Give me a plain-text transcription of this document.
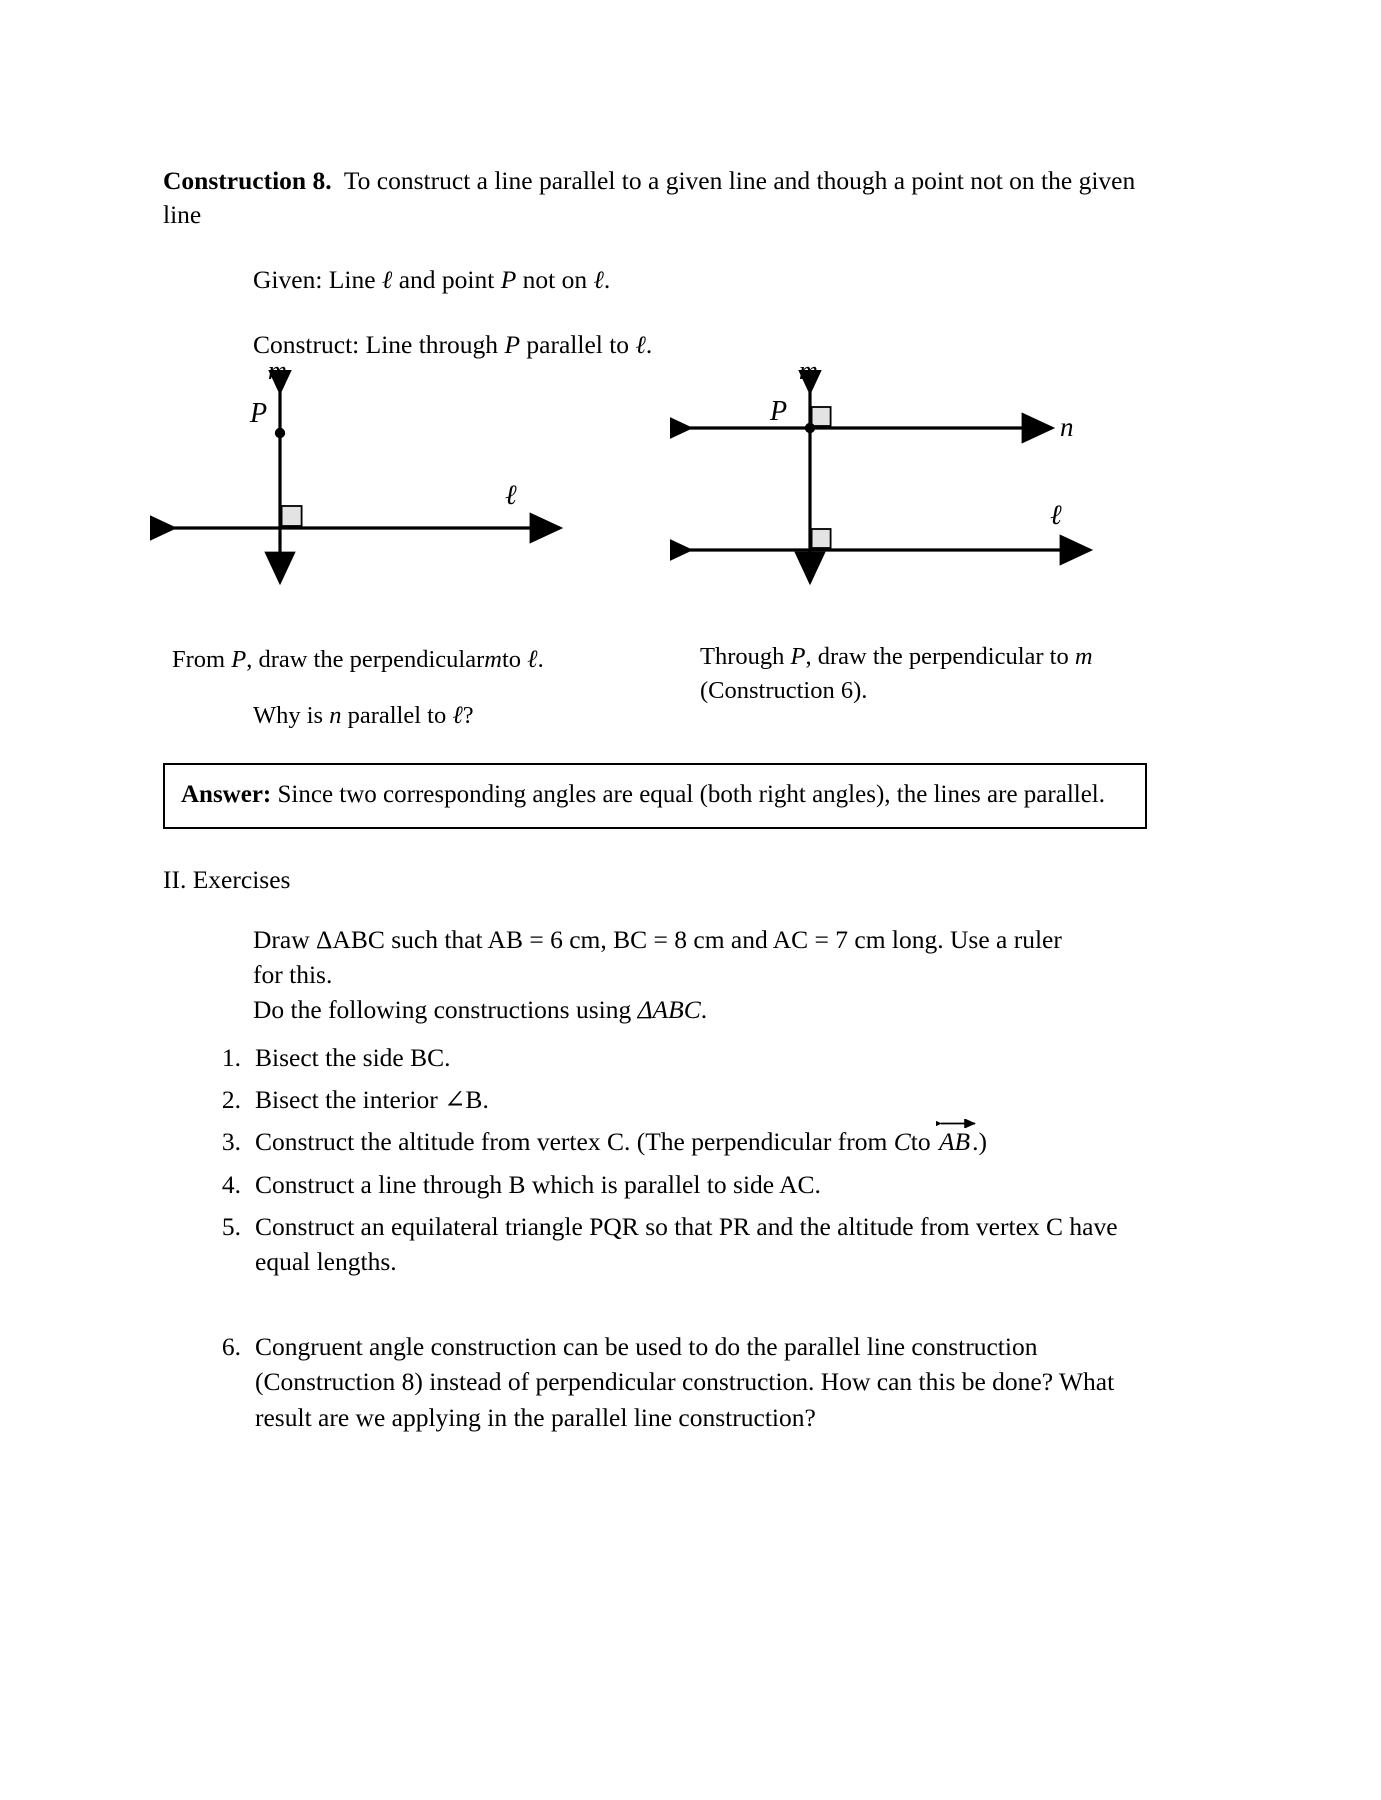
Construction 8. To construct a line parallel to a given line and though a point not on the given line
Given: Line ℓ and point P not on ℓ.
Construct: Line through P parallel to ℓ.
m
P
ℓ
m
P	n
ℓ
From P, draw the perpendicularmto ℓ.
Why is n parallel to ℓ?
Through P, draw the perpendicular to m (Construction 6).
Answer: Since two corresponding angles are equal (both right angles), the lines are parallel.
II. Exercises
Draw ΔABC such that AB = 6 cm, BC = 8 cm and AC = 7 cm long. Use a ruler for this.
Do the following constructions using ΔABC.
1. Bisect the side BC.
2. Bisect the interior ∠B.
3. Construct the altitude from vertex C. (The perpendicular from Cto AB.)
4. Construct a line through B which is parallel to side AC.
5. Construct an equilateral triangle PQR so that PR and the altitude from vertex C have equal lengths.
6. Congruent angle construction can be used to do the parallel line construction (Construction 8) instead of perpendicular construction. How can this be done? What result are we applying in the parallel line construction?
